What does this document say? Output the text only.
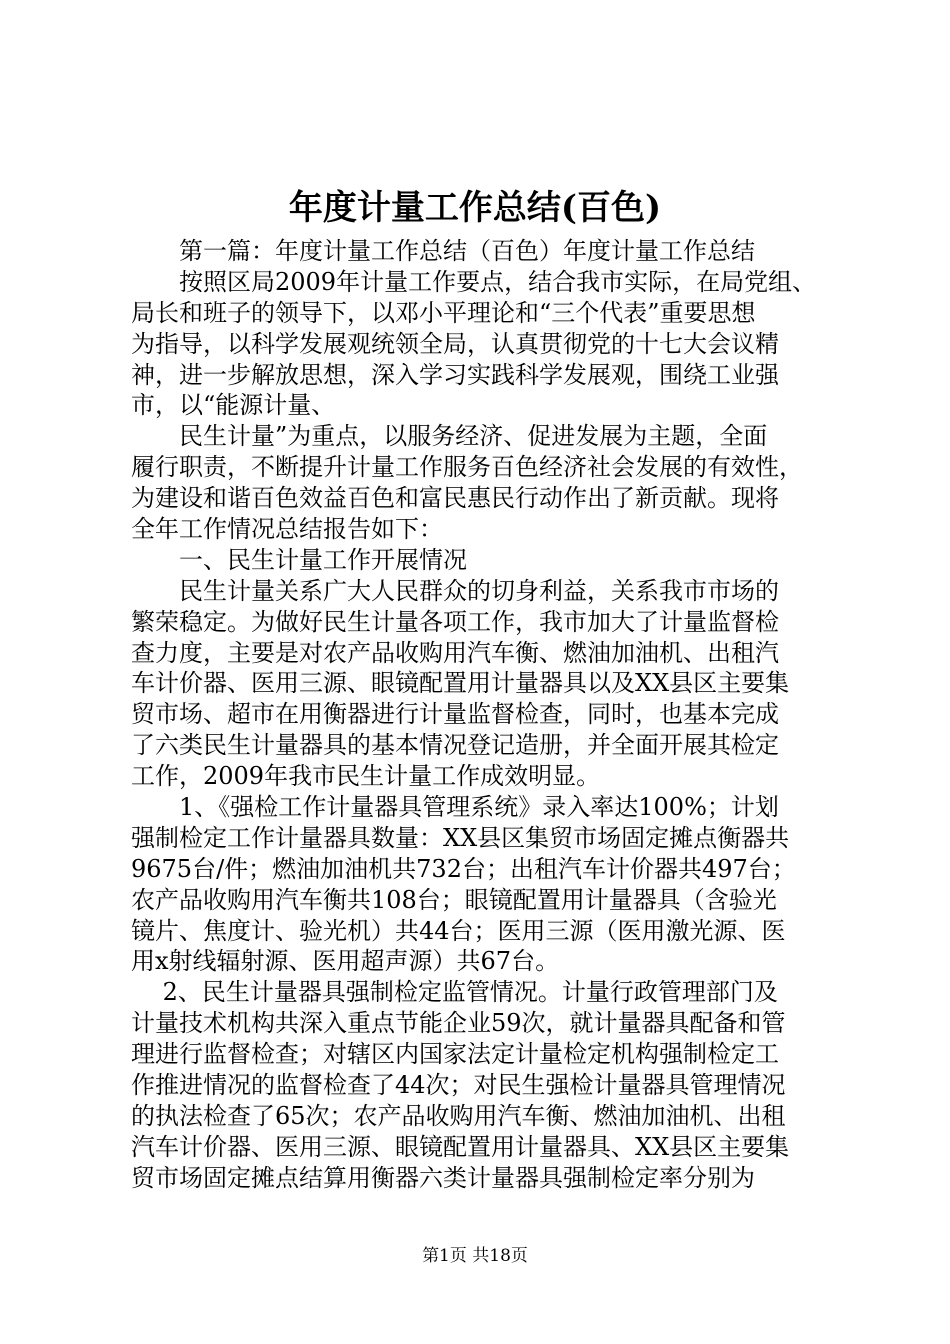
年度计量工作总结(百色)
　　第一篇：年度计量工作总结（百色）年度计量工作总结
　　按照区局2009年计量工作要点，结合我市实际，在局党组、
局长和班子的领导下，以邓小平理论和“三个代表”重要思想
为指导，以科学发展观统领全局，认真贯彻党的十七大会议精
神，进一步解放思想，深入学习实践科学发展观，围绕工业强
市，以“能源计量、
　　民生计量”为重点，以服务经济、促进发展为主题，全面
履行职责，不断提升计量工作服务百色经济社会发展的有效性，
为建设和谐百色效益百色和富民惠民行动作出了新贡献。现将
全年工作情况总结报告如下：
　　一、民生计量工作开展情况
　　民生计量关系广大人民群众的切身利益，关系我市市场的
繁荣稳定。为做好民生计量各项工作，我市加大了计量监督检
查力度，主要是对农产品收购用汽车衡、燃油加油机、出租汽
车计价器、医用三源、眼镜配置用计量器具以及XX县区主要集
贸市场、超市在用衡器进行计量监督检查，同时，也基本完成
了六类民生计量器具的基本情况登记造册，并全面开展其检定
工作，2009年我市民生计量工作成效明显。
　　1、《强检工作计量器具管理系统》录入率达100%；计划
强制检定工作计量器具数量：XX县区集贸市场固定摊点衡器共
9675台/件；燃油加油机共732台；出租汽车计价器共497台；
农产品收购用汽车衡共108台；眼镜配置用计量器具（含验光
镜片、焦度计、验光机）共44台；医用三源（医用激光源、医
用x射线辐射源、医用超声源）共67台。
　 2、民生计量器具强制检定监管情况。计量行政管理部门及
计量技术机构共深入重点节能企业59次，就计量器具配备和管
理进行监督检查；对辖区内国家法定计量检定机构强制检定工
作推进情况的监督检查了44次；对民生强检计量器具管理情况
的执法检查了65次；农产品收购用汽车衡、燃油加油机、出租
汽车计价器、医用三源、眼镜配置用计量器具、XX县区主要集
贸市场固定摊点结算用衡器六类计量器具强制检定率分别为
第1页 共18页
